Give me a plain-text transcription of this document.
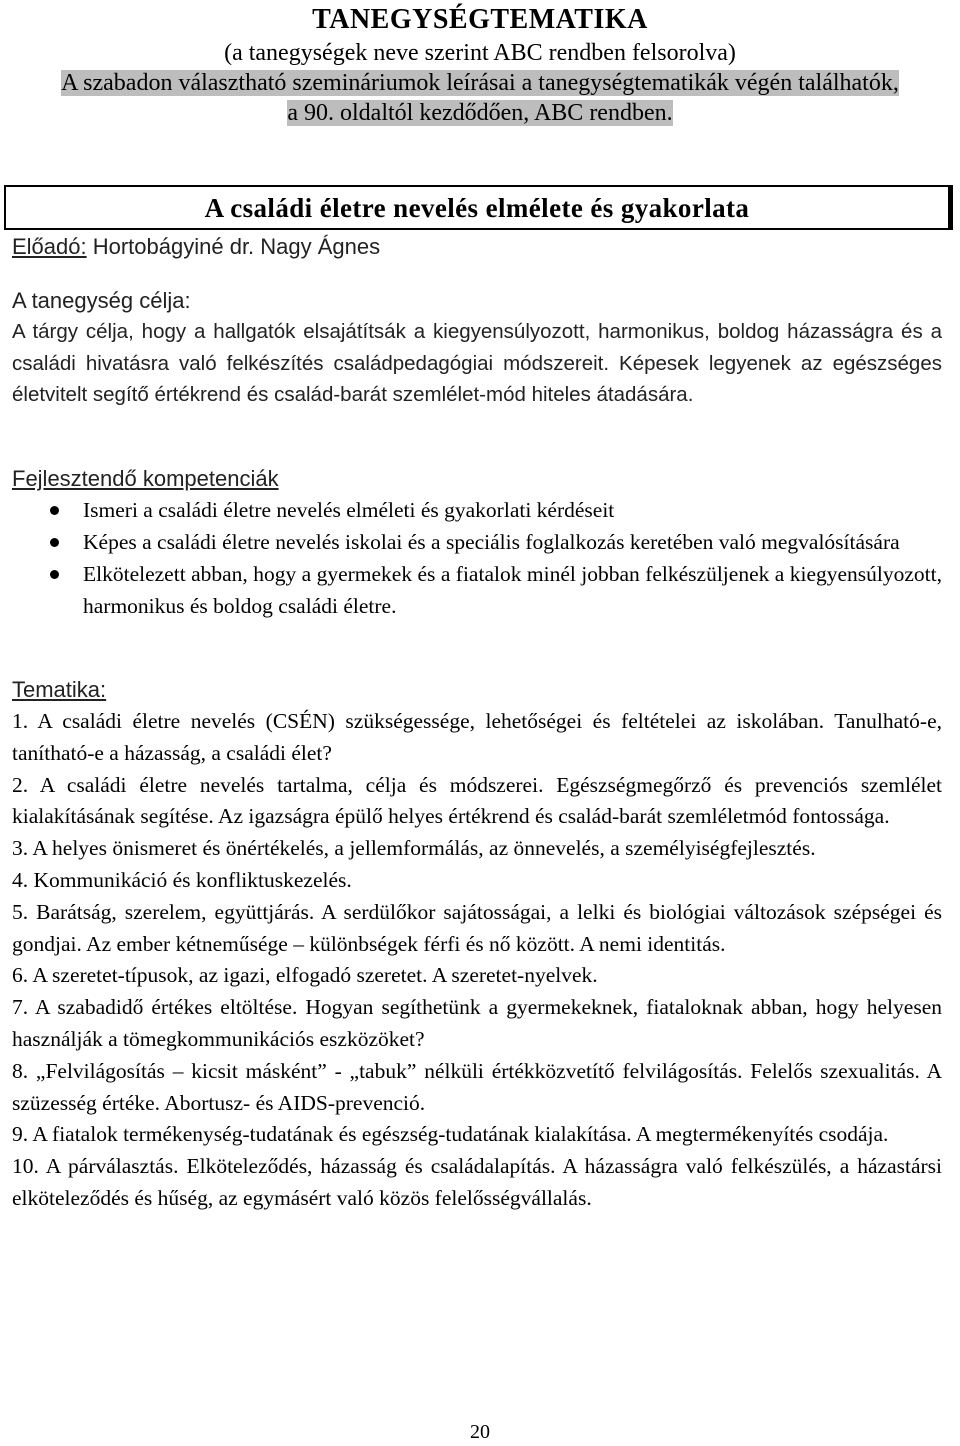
TANEGYSÉGTEMATIKA
(a tanegységek neve szerint ABC rendben felsorolva)
A szabadon választható szemináriumok leírásai a tanegységtematikák végén találhatók,
a 90. oldaltól kezdődően, ABC rendben.
A családi életre nevelés elmélete és gyakorlata
Előadó: Hortobágyiné dr. Nagy Ágnes
A tanegység célja:
A tárgy célja, hogy a hallgatók elsajátítsák a kiegyensúlyozott, harmonikus, boldog házasságra és a családi hivatásra való felkészítés családpedagógiai módszereit. Képesek legyenek az egészséges életvitelt segítő értékrend és család-barát szemlélet-mód hiteles átadására.
Fejlesztendő kompetenciák
Ismeri a családi életre nevelés elméleti és gyakorlati kérdéseit
Képes a családi életre nevelés iskolai és a speciális foglalkozás keretében való megvalósítására
Elkötelezett abban, hogy a gyermekek és a fiatalok minél jobban felkészüljenek a kiegyensúlyozott, harmonikus és boldog családi életre.
Tematika:

1. A családi életre nevelés (CSÉN) szükségessége, lehetőségei és feltételei az iskolában. Tanulható-e, tanítható-e a házasság, a családi élet?

2. A családi életre nevelés tartalma, célja és módszerei. Egészségmegőrző és prevenciós szemlélet kialakításának segítése. Az igazságra épülő helyes értékrend és család-barát szemléletmód fontossága.

3. A helyes önismeret és önértékelés, a jellemformálás, az önnevelés, a személyiségfejlesztés.

4. Kommunikáció és konfliktuskezelés.

5. Barátság, szerelem, együttjárás. A serdülőkor sajátosságai, a lelki és biológiai változások szépségei és gondjai. Az ember kétneműsége – különbségek férfi és nő között. A nemi identitás.

6. A szeretet-típusok, az igazi, elfogadó szeretet. A szeretet-nyelvek.

7. A szabadidő értékes eltöltése. Hogyan segíthetünk a gyermekeknek, fiataloknak abban, hogy helyesen használják a tömegkommunikációs eszközöket?

8. „Felvilágosítás – kicsit másként” - „tabuk” nélküli értékközvetítő felvilágosítás. Felelős szexualitás. A szüzesség értéke. Abortusz- és AIDS-prevenció.

9. A fiatalok termékenység-tudatának és egészség-tudatának kialakítása. A megtermékenyítés csodája.

10. A párválasztás. Elköteleződés, házasság és családalapítás. A házasságra való felkészülés, a házastársi elköteleződés és hűség, az egymásért való közös felelősségvállalás.

20
